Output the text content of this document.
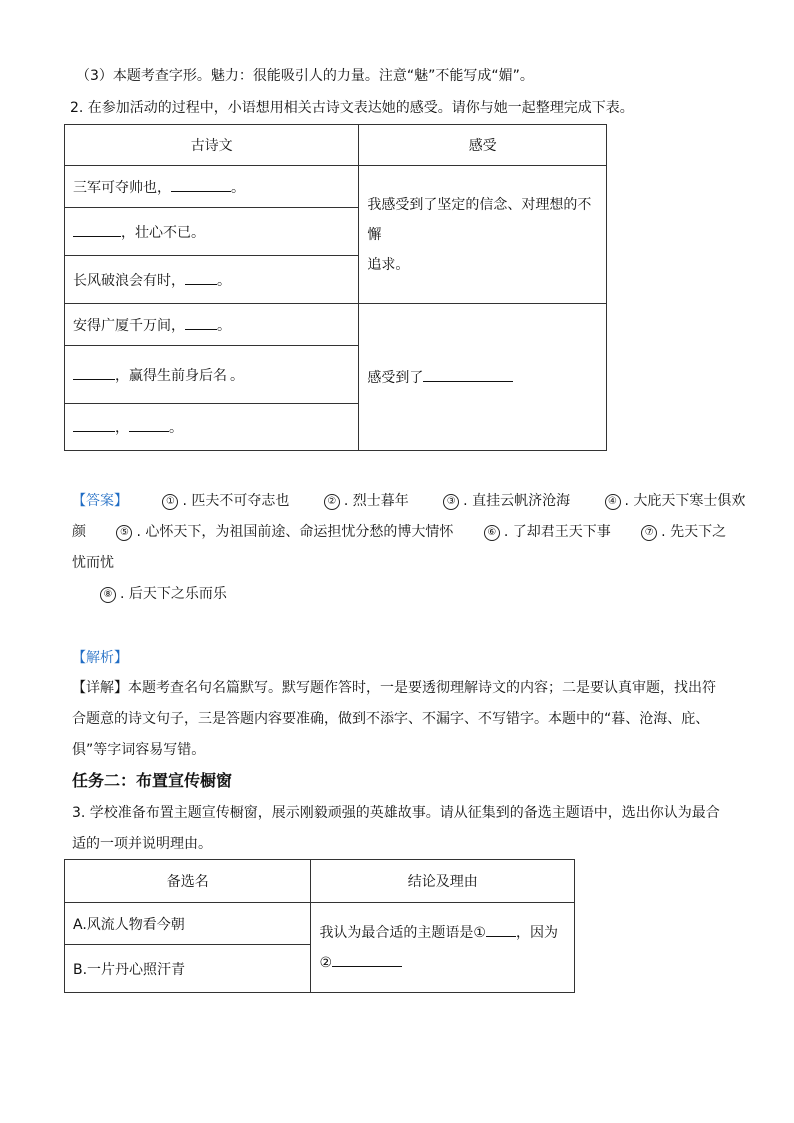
（3）本题考查字形。魅力：很能吸引人的力量。注意“魅”不能写成“媚”。
2. 在参加活动的过程中，小语想用相关古诗文表达她的感受。请你与她一起整理完成下表。
古诗文	感受
三军可夺帅也， 。	我感受到了坚定的信念、对理想的不懈
追求。

，壮心不已。	
长风破浪会有时， 。	
安得广厦千万间， 。	感受到了
，赢得生前身后名 。	
， 。	
【答案】	① . 匹夫不可夺志也	② . 烈士暮年	③ . 直挂云帆济沧海	④ . 大庇天下寒士俱欢
颜	⑤ . 心怀天下，为祖国前途、命运担忧分愁的博大情怀	⑥ . 了却君王天下事	⑦ . 先天下之
忧而忧
⑧ . 后天下之乐而乐
【解析】
【详解】本题考查名句名篇默写。默写题作答时，一是要透彻理解诗文的内容；二是要认真审题，找出符
合题意的诗文句子，三是答题内容要准确，做到不添字、不漏字、不写错字。本题中的“暮、沧海、庇、
俱”等字词容易写错。
任务二：布置宣传橱窗
3. 学校准备布置主题宣传橱窗，展示刚毅顽强的英雄故事。请从征集到的备选主题语中，选出你认为最合
适的一项并说明理由。
备选名	结论及理由
A.风流人物看今朝	我认为最合适的主题语是① ，因为
②

B.一片丹心照汗青	
